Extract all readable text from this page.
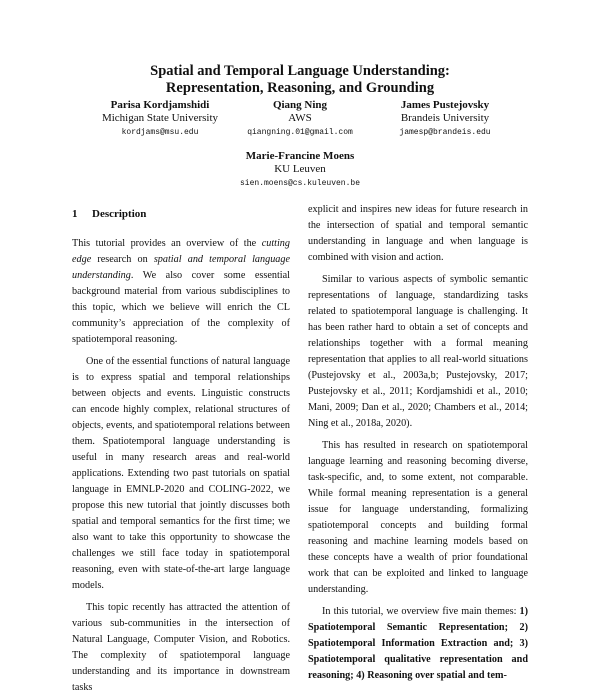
Spatial and Temporal Language Understanding:
Representation, Reasoning, and Grounding
Parisa Kordjamshidi
Michigan State University
kordjams@msu.edu
Qiang Ning
AWS
qiangning.01@gmail.com
James Pustejovsky
Brandeis University
jamesp@brandeis.edu
Marie-Francine Moens
KU Leuven
sien.moens@cs.kuleuven.be
1 Description

This tutorial provides an overview of the cutting edge research on spatial and temporal language understanding. We also cover some essential background material from various subdisciplines to this topic, which we believe will enrich the CL community’s appreciation of the complexity of spatiotemporal reasoning.

One of the essential functions of natural language is to express spatial and temporal relationships between objects and events. Linguistic constructs can encode highly complex, relational structures of objects, events, and spatiotemporal relations between them. Spatiotemporal language understanding is useful in many research areas and real-world applications. Extending two past tutorials on spatial language in EMNLP-2020 and COLING-2022, we propose this new tutorial that jointly discusses both spatial and temporal semantics for the first time; we also want to take this opportunity to showcase the challenges we still face today in spatiotemporal reasoning, even with state-of-the-art large language models.

This topic recently has attracted the attention of various sub-communities in the intersection of Natural Language, Computer Vision, and Robotics. The complexity of spatiotemporal language understanding and its importance in downstream tasks

explicit and inspires new ideas for future research in the intersection of spatial and temporal semantic understanding in language and when language is combined with vision and action.

Similar to various aspects of symbolic semantic representations of language, standardizing tasks related to spatiotemporal language is challenging. It has been rather hard to obtain a set of concepts and relationships together with a formal meaning representation that applies to all real-world situations (Pustejovsky et al., 2003a,b; Pustejovsky, 2017; Pustejovsky et al., 2011; Kordjamshidi et al., 2010; Mani, 2009; Dan et al., 2020; Chambers et al., 2014; Ning et al., 2018a, 2020).

This has resulted in research on spatiotemporal language learning and reasoning becoming diverse, task-specific, and, to some extent, not comparable. While formal meaning representation is a general issue for language understanding, formalizing spatiotemporal concepts and building formal reasoning and machine learning models based on these concepts have a wealth of prior foundational work that can be exploited and linked to language understanding.

In this tutorial, we overview five main themes: 1) Spatiotemporal Semantic Representation; 2) Spatiotemporal Information Extraction and; 3) Spatiotemporal qualitative representation and reasoning; 4) Reasoning over spatial and tem-
